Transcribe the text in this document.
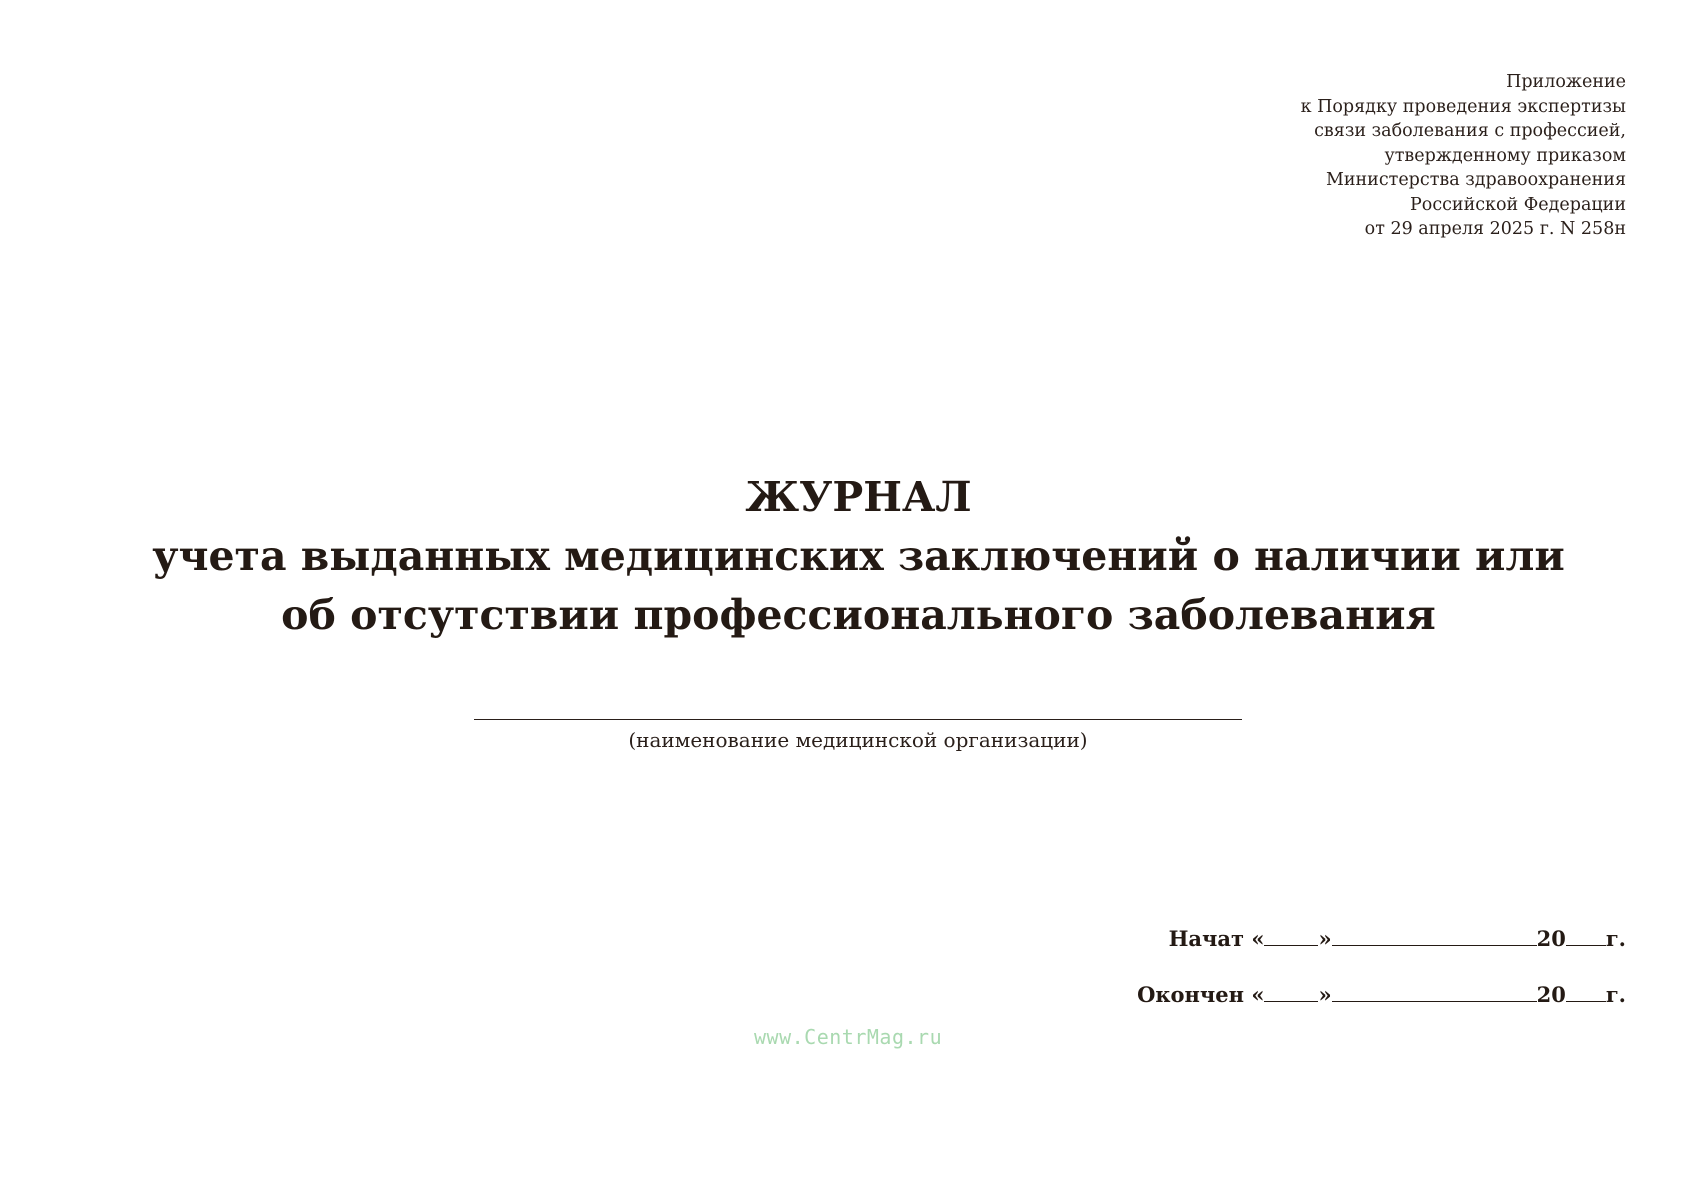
Приложение
к Порядку проведения экспертизы
связи заболевания с профессией,
утвержденному приказом
Министерства здравоохранения
Российской Федерации
от 29 апреля 2025 г. N 258н
ЖУРНАЛ
учета выданных медицинских заключений о наличии или
об отсутствии профессионального заболевания
(наименование медицинской организации)
Начат «	»	20 г.
Окончен «	»	20 г.
www.CentrMag.ru
